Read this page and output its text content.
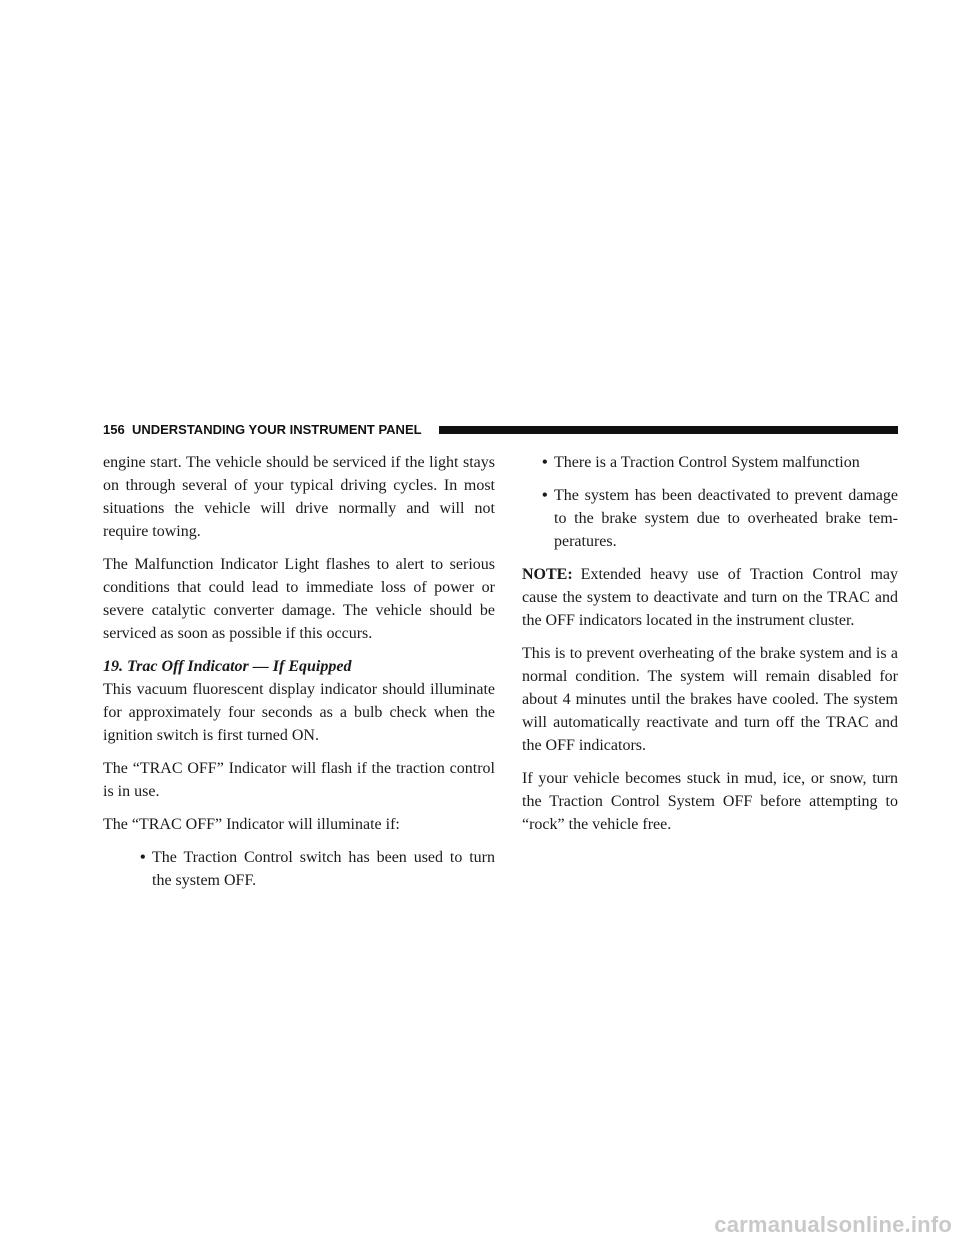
156 UNDERSTANDING YOUR INSTRUMENT PANEL

engine start. The vehicle should be serviced if the light stays on through several of your typical driving cycles. In most situations the vehicle will drive normally and will not require towing.

The Malfunction Indicator Light flashes to alert to serious conditions that could lead to immediate loss of power or severe catalytic converter damage. The vehicle should be serviced as soon as possible if this occurs.

19. Trac Off Indicator — If Equipped

This vacuum fluorescent display indicator should illuminate for approximately four seconds as a bulb check when the ignition switch is first turned ON.

The “TRAC OFF” Indicator will flash if the traction control is in use.

The “TRAC OFF” Indicator will illuminate if:

• The Traction Control switch has been used to turn the system OFF.
• There is a Traction Control System malfunction
• The system has been deactivated to prevent damage to the brake system due to overheated brake temperatures.

NOTE: Extended heavy use of Traction Control may cause the system to deactivate and turn on the TRAC and the OFF indicators located in the instrument cluster.

This is to prevent overheating of the brake system and is a normal condition. The system will remain disabled for about 4 minutes until the brakes have cooled. The system will automatically reactivate and turn off the TRAC and the OFF indicators.

If your vehicle becomes stuck in mud, ice, or snow, turn the Traction Control System OFF before attempting to “rock” the vehicle free.

carmanualsonline.info
